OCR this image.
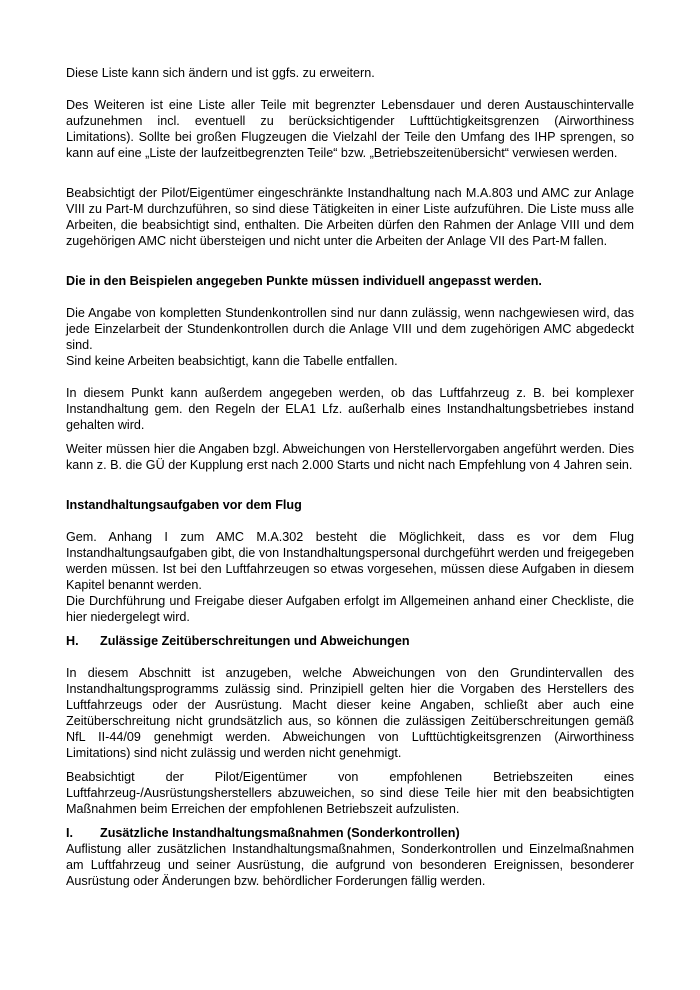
Diese Liste kann sich ändern und ist ggfs. zu erweitern.

Des Weiteren ist eine Liste aller Teile mit begrenzter Lebensdauer und deren Austauschintervalle aufzunehmen incl. eventuell zu berücksichtigender Lufttüchtigkeitsgrenzen (Airworthiness Limitations). Sollte bei großen Flugzeugen die Vielzahl der Teile den Umfang des IHP sprengen, so kann auf eine „Liste der laufzeitbegrenzten Teile“ bzw. „Betriebszeitenübersicht“ verwiesen werden.

Beabsichtigt der Pilot/Eigentümer eingeschränkte Instandhaltung nach M.A.803 und AMC zur Anlage VIII zu Part-M durchzuführen, so sind diese Tätigkeiten in einer Liste aufzuführen. Die Liste muss alle Arbeiten, die beabsichtigt sind, enthalten. Die Arbeiten dürfen den Rahmen der Anlage VIII und dem zugehörigen AMC nicht übersteigen und nicht unter die Arbeiten der Anlage VII des Part-M fallen.

Die in den Beispielen angegeben Punkte müssen individuell angepasst werden.

Die Angabe von kompletten Stundenkontrollen sind nur dann zulässig, wenn nachgewiesen wird, das jede Einzelarbeit der Stundenkontrollen durch die Anlage VIII und dem zugehörigen AMC abgedeckt sind.

Sind keine Arbeiten beabsichtigt, kann die Tabelle entfallen.

In diesem Punkt kann außerdem angegeben werden, ob das Luftfahrzeug z. B. bei komplexer Instandhaltung gem. den Regeln der ELA1 Lfz. außerhalb eines Instandhaltungsbetriebes instand gehalten wird.

Weiter müssen hier die Angaben bzgl. Abweichungen von Herstellervorgaben angeführt werden. Dies kann z. B. die GÜ der Kupplung erst nach 2.000 Starts und nicht nach Empfehlung von 4 Jahren sein.

Instandhaltungsaufgaben vor dem Flug

Gem. Anhang I zum AMC M.A.302 besteht die Möglichkeit, dass es vor dem Flug Instandhaltungsaufgaben gibt, die von Instandhaltungspersonal durchgeführt werden und freigegeben werden müssen. Ist bei den Luftfahrzeugen so etwas vorgesehen, müssen diese Aufgaben in diesem Kapitel benannt werden.

Die Durchführung und Freigabe dieser Aufgaben erfolgt im Allgemeinen anhand einer Checkliste, die hier niedergelegt wird.

H. Zulässige Zeitüberschreitungen und Abweichungen

In diesem Abschnitt ist anzugeben, welche Abweichungen von den Grundintervallen des Instandhaltungsprogramms zulässig sind. Prinzipiell gelten hier die Vorgaben des Herstellers des Luftfahrzeugs oder der Ausrüstung. Macht dieser keine Angaben, schließt aber auch eine Zeitüberschreitung nicht grundsätzlich aus, so können die zulässigen Zeitüberschreitungen gemäß NfL II-44/09 genehmigt werden. Abweichungen von Lufttüchtigkeitsgrenzen (Airworthiness Limitations) sind nicht zulässig und werden nicht genehmigt.

Beabsichtigt der Pilot/Eigentümer von empfohlenen Betriebszeiten eines Luftfahrzeug-/Ausrüstungsherstellers abzuweichen, so sind diese Teile hier mit den beabsichtigten Maßnahmen beim Erreichen der empfohlenen Betriebszeit aufzulisten.

I. Zusätzliche Instandhaltungsmaßnahmen (Sonderkontrollen)

Auflistung aller zusätzlichen Instandhaltungsmaßnahmen, Sonderkontrollen und Einzelmaßnahmen am Luftfahrzeug und seiner Ausrüstung, die aufgrund von besonderen Ereignissen, besonderer Ausrüstung oder Änderungen bzw. behördlicher Forderungen fällig werden.
